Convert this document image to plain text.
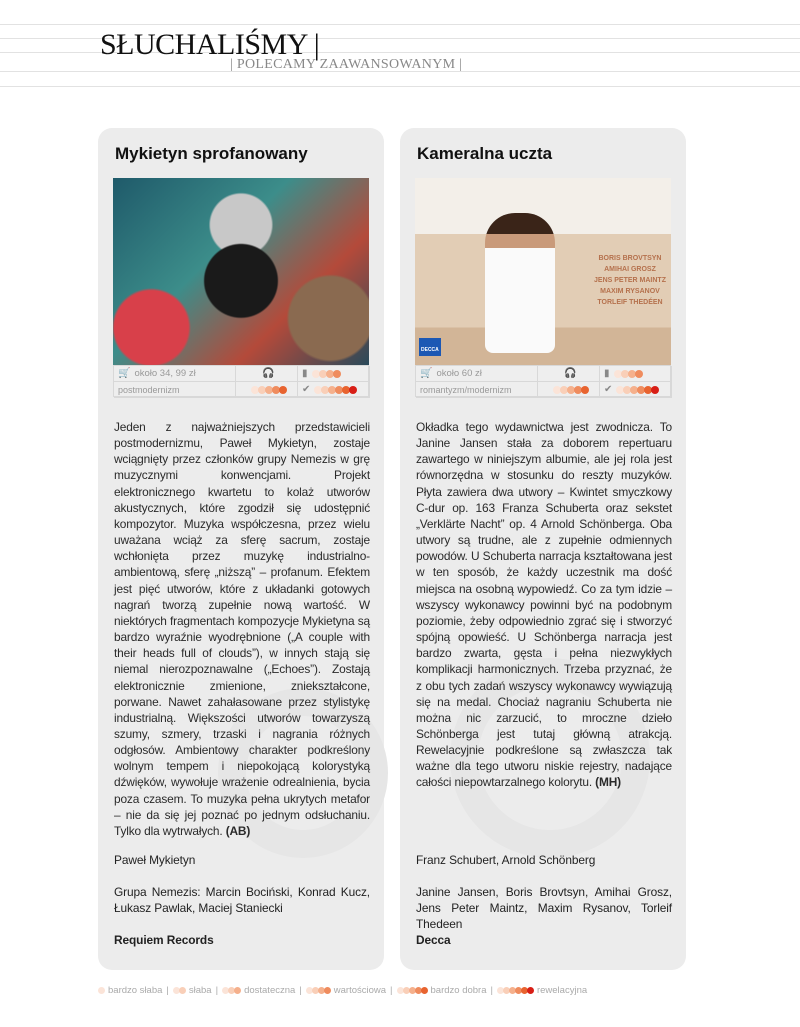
SŁUCHALIŚMY |
| POLECAMY ZAAWANSOWANYM |
Mykietyn sprofanowany
🛒 około 34, 99 zł	🎧	▮
postmodernizm	✔
Jeden z najważniejszych przedstawicieli postmodernizmu, Paweł Mykietyn, zostaje wciągnięty przez członków grupy Nemezis w grę muzycznymi konwencjami. Projekt elektronicznego kwartetu to kolaż utworów akustycznych, które zgodził się udostępnić kompozytor. Muzyka współczesna, przez wielu uważana wciąż za sferę sacrum, zostaje wchłonięta przez muzykę industrialno-ambientową, sferę „niższą” – profanum. Efektem jest pięć utworów, które z układanki gotowych nagrań tworzą zupełnie nową wartość. W niektórych fragmentach kompozycje Mykietyna są bardzo wyraźnie wyodrębnione („A couple with their heads full of clouds”), w innych stają się niemal nierozpoznawalne („Echoes”). Zostają elektronicznie zmienione, zniekształcone, porwane. Nawet zahałasowane przez stylistykę industrialną. Większości utworów towarzyszą szumy, szmery, trzaski i nagrania różnych odgłosów. Ambientowy charakter podkreślony wolnym tempem i niepokojącą kolorystyką dźwięków, wywołuje wrażenie odrealnienia, bycia poza czasem. To muzyka pełna ukrytych metafor – nie da się jej poznać po jednym odsłuchaniu. Tylko dla wytrwałych. (AB)
Paweł Mykietyn
Grupa Nemezis: Marcin Bociński, Konrad Kucz, Łukasz Pawlak, Maciej Staniecki
Requiem Records
Kameralna uczta
DECCA
BORIS BROVTSYN
AMIHAI GROSZ
JENS PETER MAINTZ
MAXIM RYSANOV
TORLEIF THEDÉEN
🛒 około 60 zł	🎧	▮
romantyzm/modernizm	✔
Okładka tego wydawnictwa jest zwodnicza. To Janine Jansen stała za doborem repertuaru zawartego w niniejszym albumie, ale jej rola jest równorzędna w stosunku do reszty muzyków. Płyta zawiera dwa utwory – Kwintet smyczkowy C-dur op. 163 Franza Schuberta oraz sekstet „Verklärte Nacht” op. 4 Arnold Schönberga. Oba utwory są trudne, ale z zupełnie odmiennych powodów. U Schuberta narracja kształtowana jest w ten sposób, że każdy uczestnik ma dość miejsca na osobną wypowiedź. Co za tym idzie – wszyscy wykonawcy powinni być na podobnym poziomie, żeby odpowiednio zgrać się i stworzyć spójną opowieść. U Schönberga narracja jest bardzo zwarta, gęsta i pełna niezwykłych komplikacji harmonicznych. Trzeba przyznać, że z obu tych zadań wszyscy wykonawcy wywiązują się na medal. Chociaż nagraniu Schuberta nie można nic zarzucić, to mroczne dzieło Schönberga jest tutaj główną atrakcją. Rewelacyjnie podkreślone są zwłaszcza tak ważne dla tego utworu niskie rejestry, nadające całości niepowtarzalnego kolorytu. (MH)
Franz Schubert, Arnold Schönberg
Janine Jansen, Boris Brovtsyn, Amihai Grosz, Jens Peter Maintz, Maxim Rysanov, Torleif Thedeen
Decca
bardzo słaba | słaba |	dostateczna |	wartościowa |	bardzo dobra |	rewelacyjna
